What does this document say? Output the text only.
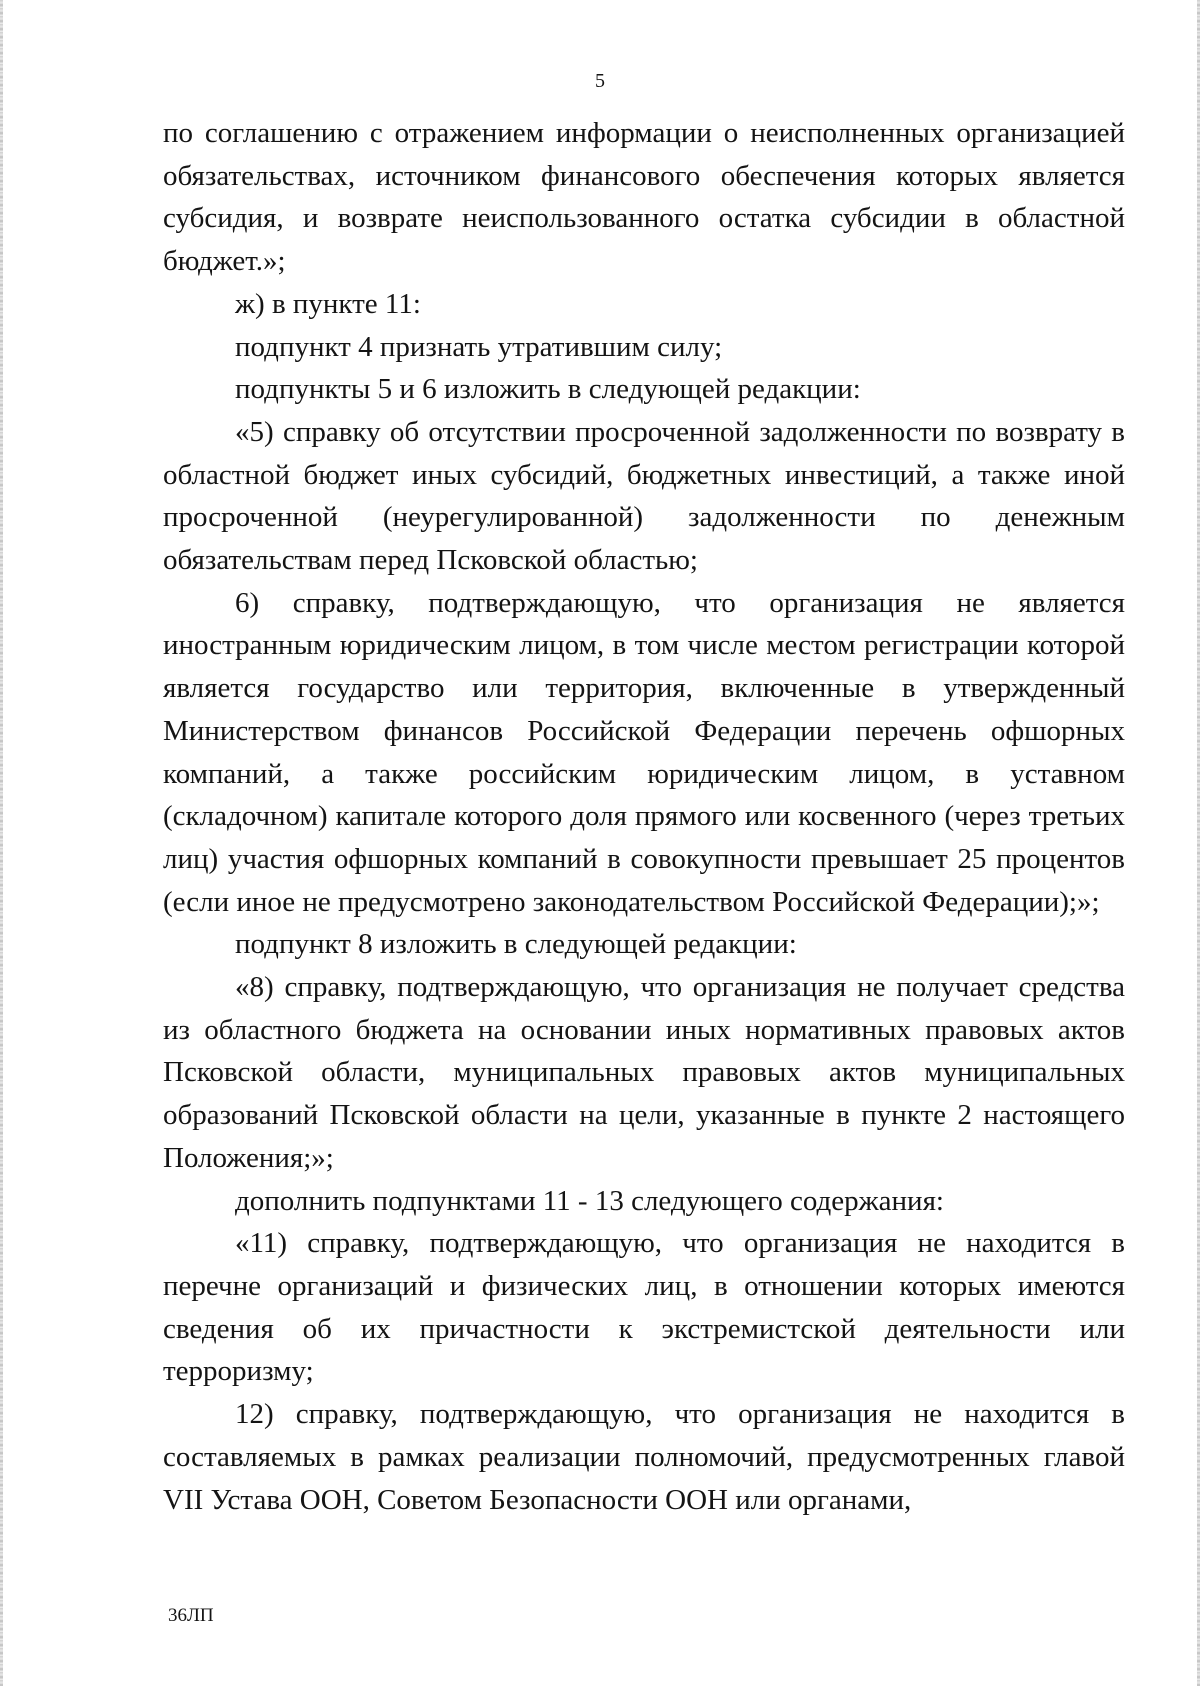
5

по соглашению с отражением информации о неисполненных организацией обязательствах, источником финансового обеспечения которых является субсидия, и возврате неиспользованного остатка субсидии в областной бюджет.»;

ж) в пункте 11:

подпункт 4 признать утратившим силу;

подпункты 5 и 6 изложить в следующей редакции:

«5) справку об отсутствии просроченной задолженности по возврату в областной бюджет иных субсидий, бюджетных инвестиций, а также иной просроченной (неурегулированной) задолженности по денежным обязательствам перед Псковской областью;

6) справку, подтверждающую, что организация не является иностранным юридическим лицом, в том числе местом регистрации которой является государство или территория, включенные в утвержденный Министерством финансов Российской Федерации перечень офшорных компаний, а также российским юридическим лицом, в уставном (складочном) капитале которого доля прямого или косвенного (через третьих лиц) участия офшорных компаний в совокупности превышает 25 процентов (если иное не предусмотрено законодательством Российской Федерации);»;

подпункт 8 изложить в следующей редакции:

«8) справку, подтверждающую, что организация не получает средства из областного бюджета на основании иных нормативных правовых актов Псковской области, муниципальных правовых актов муниципальных образований Псковской области на цели, указанные в пункте 2 настоящего Положения;»;

дополнить подпунктами 11 - 13 следующего содержания:

«11) справку, подтверждающую, что организация не находится в перечне организаций и физических лиц, в отношении которых имеются сведения об их причастности к экстремистской деятельности или терроризму;

12) справку, подтверждающую, что организация не находится в составляемых в рамках реализации полномочий, предусмотренных главой VII Устава ООН, Советом Безопасности ООН или органами,

36ЛП
